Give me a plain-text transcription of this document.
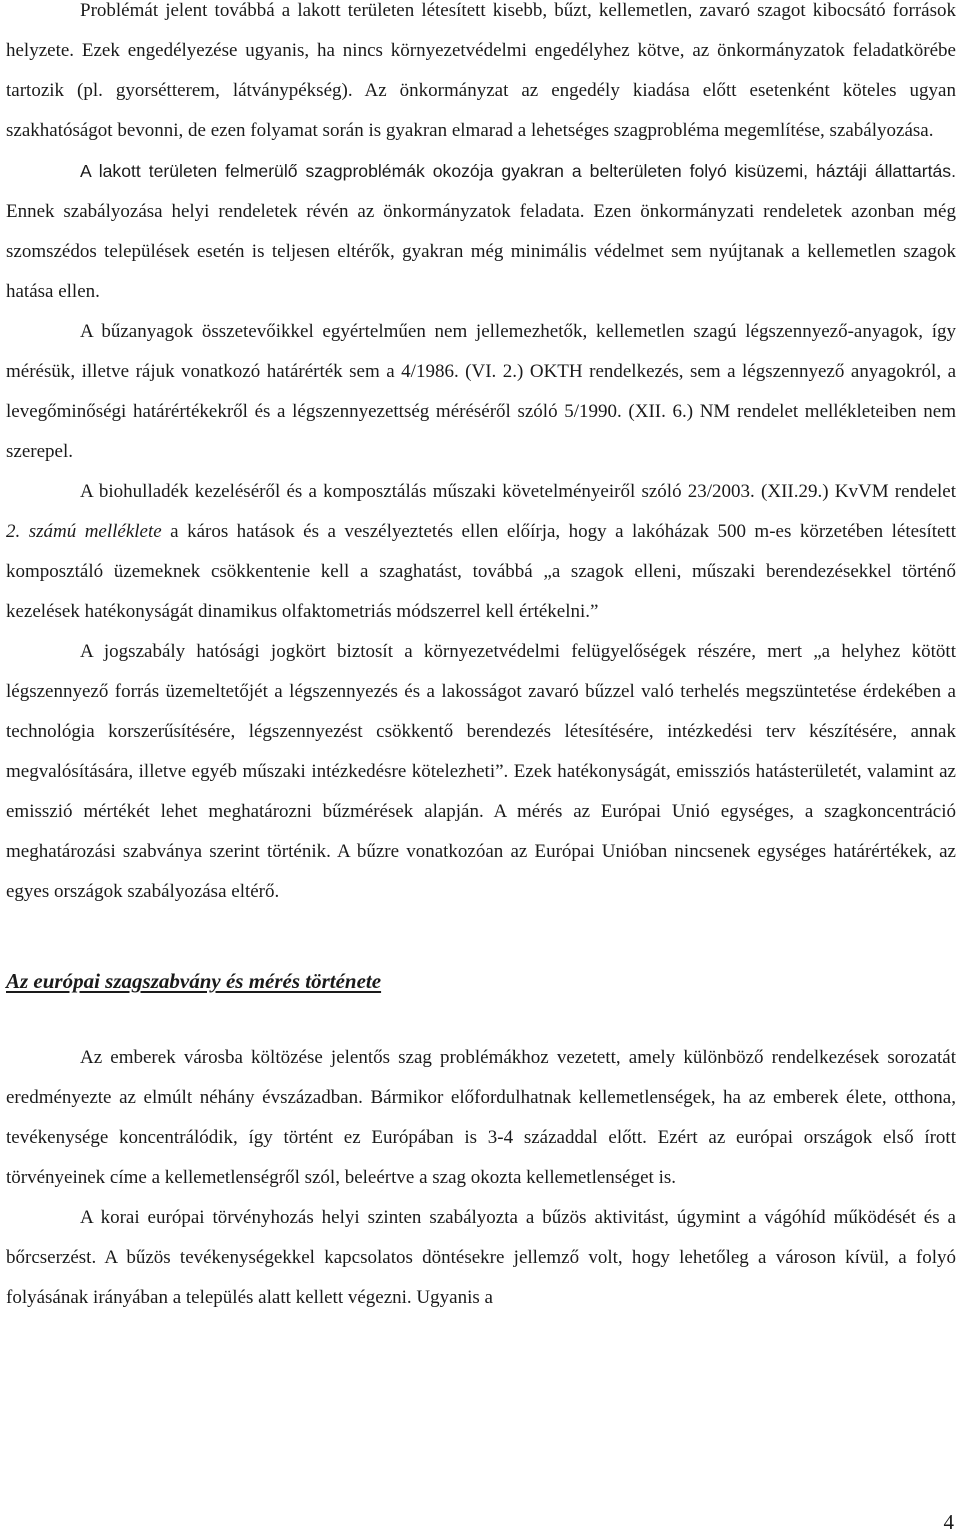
Problémát jelent továbbá a lakott területen létesített kisebb, bűzt, kellemetlen, zavaró szagot kibocsátó források helyzete. Ezek engedélyezése ugyanis, ha nincs környezetvédelmi engedélyhez kötve, az önkormányzatok feladatkörébe tartozik (pl. gyorsétterem, látványpékség). Az önkormányzat az engedély kiadása előtt esetenként köteles ugyan szakhatóságot bevonni, de ezen folyamat során is gyakran elmarad a lehetséges szagprobléma megemlítése, szabályozása.

A lakott területen felmerülő szagproblémák okozója gyakran a belterületen folyó kisüzemi, háztáji állattartás. Ennek szabályozása helyi rendeletek révén az önkormányzatok feladata. Ezen önkormányzati rendeletek azonban még szomszédos települések esetén is teljesen eltérők, gyakran még minimális védelmet sem nyújtanak a kellemetlen szagok hatása ellen.

A bűzanyagok összetevőikkel egyértelműen nem jellemezhetők, kellemetlen szagú légszennyező-anyagok, így mérésük, illetve rájuk vonatkozó határérték sem a 4/1986. (VI. 2.) OKTH rendelkezés, sem a légszennyező anyagokról, a levegőminőségi határértékekről és a légszennyezettség méréséről szóló 5/1990. (XII. 6.) NM rendelet mellékleteiben nem szerepel.

A biohulladék kezeléséről és a komposztálás műszaki követelményeiről szóló 23/2003. (XII.29.) KvVM rendelet 2. számú melléklete a káros hatások és a veszélyeztetés ellen előírja, hogy a lakóházak 500 m-es körzetében létesített komposztáló üzemeknek csökkentenie kell a szaghatást, továbbá „a szagok elleni, műszaki berendezésekkel történő kezelések hatékonyságát dinamikus olfaktometriás módszerrel kell értékelni.”

A jogszabály hatósági jogkört biztosít a környezetvédelmi felügyelőségek részére, mert „a helyhez kötött légszennyező forrás üzemeltetőjét a légszennyezés és a lakosságot zavaró bűzzel való terhelés megszüntetése érdekében a technológia korszerűsítésére, légszennyezést csökkentő berendezés létesítésére, intézkedési terv készítésére, annak megvalósítására, illetve egyéb műszaki intézkedésre kötelezheti”. Ezek hatékonyságát, emissziós hatásterületét, valamint az emisszió mértékét lehet meghatározni bűzmérések alapján. A mérés az Európai Unió egységes, a szagkoncentráció meghatározási szabványa szerint történik. A bűzre vonatkozóan az Európai Unióban nincsenek egységes határértékek, az egyes országok szabályozása eltérő.

Az európai szagszabvány és mérés története

Az emberek városba költözése jelentős szag problémákhoz vezetett, amely különböző rendelkezések sorozatát eredményezte az elmúlt néhány évszázadban. Bármikor előfordulhatnak kellemetlenségek, ha az emberek élete, otthona, tevékenysége koncentrálódik, így történt ez Európában is 3-4 századdal előtt. Ezért az európai országok első írott törvényeinek címe a kellemetlenségről szól, beleértve a szag okozta kellemetlenséget is.

A korai európai törvényhozás helyi szinten szabályozta a bűzös aktivitást, úgymint a vágóhíd működését és a bőrcserzést. A bűzös tevékenységekkel kapcsolatos döntésekre jellemző volt, hogy lehetőleg a városon kívül, a folyó folyásának irányában a település alatt kellett végezni. Ugyanis a

4
